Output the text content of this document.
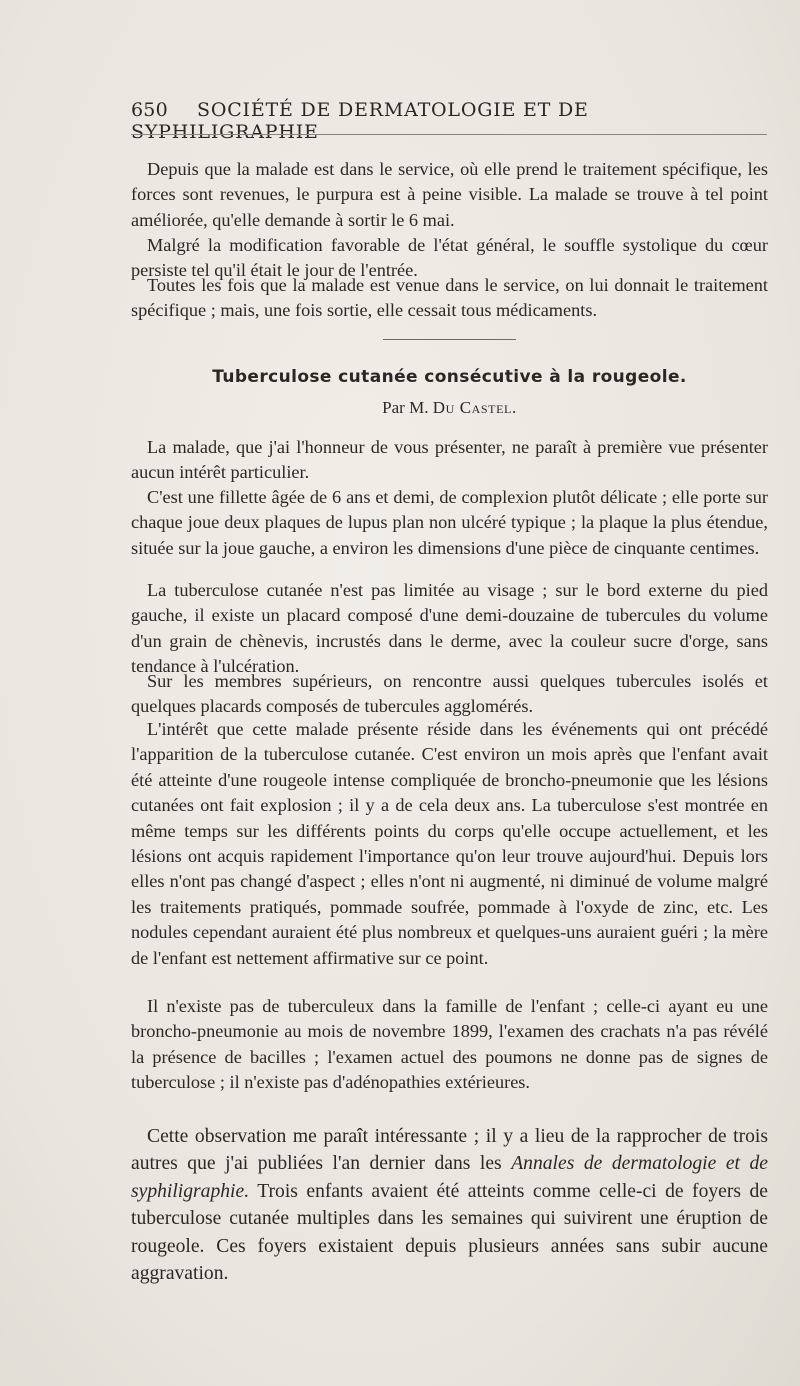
650 SOCIÉTÉ DE DERMATOLOGIE ET DE SYPHILIGRAPHIE

Depuis que la malade est dans le service, où elle prend le traitement spécifique, les forces sont revenues, le purpura est à peine visible. La malade se trouve à tel point améliorée, qu'elle demande à sortir le 6 mai.

Malgré la modification favorable de l'état général, le souffle systolique du cœur persiste tel qu'il était le jour de l'entrée.

Toutes les fois que la malade est venue dans le service, on lui donnait le traitement spécifique ; mais, une fois sortie, elle cessait tous médicaments.

Tuberculose cutanée consécutive à la rougeole.
Par M. Du Castel.

La malade, que j'ai l'honneur de vous présenter, ne paraît à première vue présenter aucun intérêt particulier.

C'est une fillette âgée de 6 ans et demi, de complexion plutôt délicate ; elle porte sur chaque joue deux plaques de lupus plan non ulcéré typique ; la plaque la plus étendue, située sur la joue gauche, a environ les dimensions d'une pièce de cinquante centimes.

La tuberculose cutanée n'est pas limitée au visage ; sur le bord externe du pied gauche, il existe un placard composé d'une demi-douzaine de tubercules du volume d'un grain de chènevis, incrustés dans le derme, avec la couleur sucre d'orge, sans tendance à l'ulcération.

Sur les membres supérieurs, on rencontre aussi quelques tubercules isolés et quelques placards composés de tubercules agglomérés.

L'intérêt que cette malade présente réside dans les événements qui ont précédé l'apparition de la tuberculose cutanée. C'est environ un mois après que l'enfant avait été atteinte d'une rougeole intense compliquée de broncho-pneumonie que les lésions cutanées ont fait explosion ; il y a de cela deux ans. La tuberculose s'est montrée en même temps sur les différents points du corps qu'elle occupe actuellement, et les lésions ont acquis rapidement l'importance qu'on leur trouve aujourd'hui. Depuis lors elles n'ont pas changé d'aspect ; elles n'ont ni augmenté, ni diminué de volume malgré les traitements pratiqués, pommade soufrée, pommade à l'oxyde de zinc, etc. Les nodules cependant auraient été plus nombreux et quelques-uns auraient guéri ; la mère de l'enfant est nettement affirmative sur ce point.

Il n'existe pas de tuberculeux dans la famille de l'enfant ; celle-ci ayant eu une broncho-pneumonie au mois de novembre 1899, l'examen des crachats n'a pas révélé la présence de bacilles ; l'examen actuel des poumons ne donne pas de signes de tuberculose ; il n'existe pas d'adénopathies extérieures.

Cette observation me paraît intéressante ; il y a lieu de la rapprocher de trois autres que j'ai publiées l'an dernier dans les Annales de dermatologie et de syphiligraphie. Trois enfants avaient été atteints comme celle-ci de foyers de tuberculose cutanée multiples dans les semaines qui suivirent une éruption de rougeole. Ces foyers existaient depuis plusieurs années sans subir aucune aggravation.
